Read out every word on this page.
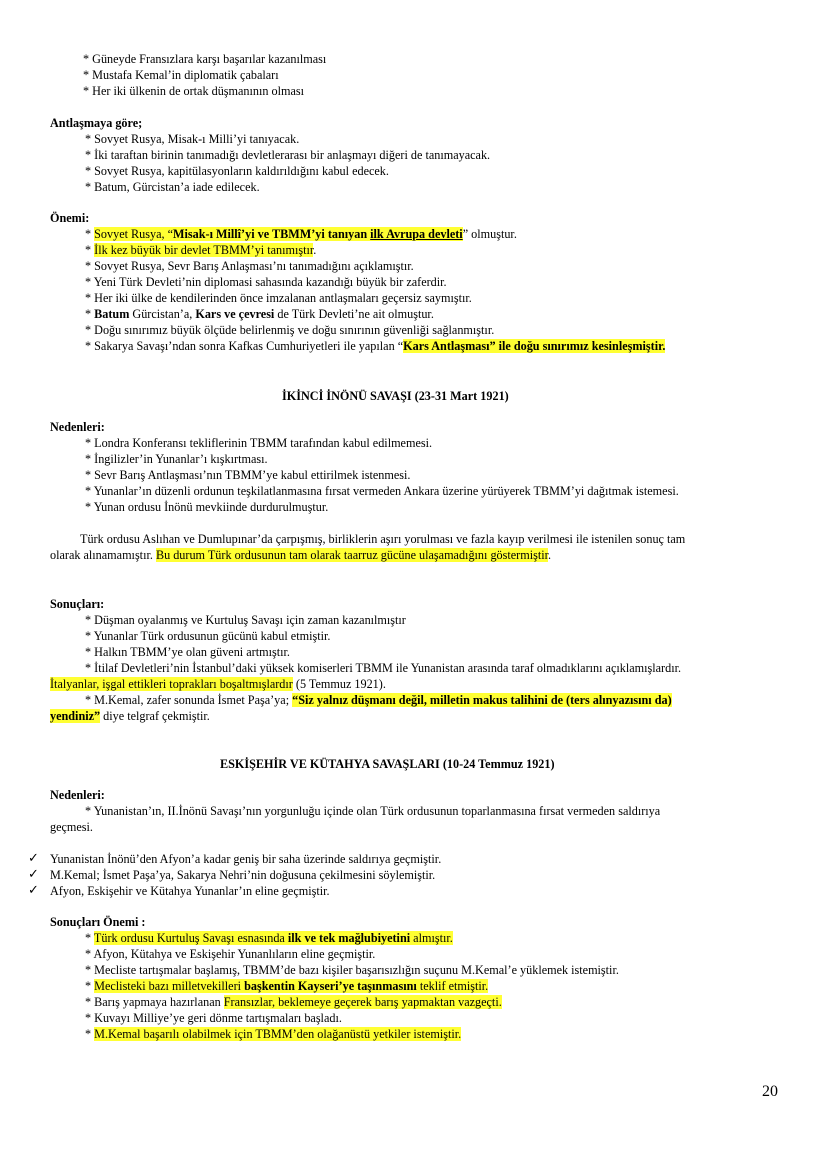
* Güneyde Fransızlara karşı başarılar kazanılması
* Mustafa Kemal’in diplomatik çabaları
* Her iki ülkenin de ortak düşmanının olması
Antlaşmaya göre;
* Sovyet Rusya, Misak-ı Milli’yi tanıyacak.
* İki taraftan birinin tanımadığı devletlerarası bir anlaşmayı diğeri de tanımayacak.
* Sovyet Rusya, kapitülasyonların kaldırıldığını kabul edecek.
* Batum, Gürcistan’a iade edilecek.
Önemi:
* Sovyet Rusya, “Misak-ı Millî’yi ve TBMM’yi tanıyan ilk Avrupa devleti” olmuştur.
* İlk kez büyük bir devlet TBMM’yi tanımıştır.
* Sovyet Rusya, Sevr Barış Anlaşması’nı tanımadığını açıklamıştır.
* Yeni Türk Devleti’nin diplomasi sahasında kazandığı büyük bir zaferdir.
* Her iki ülke de kendilerinden önce imzalanan antlaşmaları geçersiz saymıştır.
* Batum Gürcistan’a, Kars ve çevresi de Türk Devleti’ne ait olmuştur.
* Doğu sınırımız büyük ölçüde belirlenmiş ve doğu sınırının güvenliği sağlanmıştır.
* Sakarya Savaşı’ndan sonra Kafkas Cumhuriyetleri ile yapılan “Kars Antlaşması” ile doğu sınırımız kesinleşmiştir.
İKİNCİ İNÖNÜ SAVAŞI (23-31 Mart 1921)
Nedenleri:
* Londra Konferansı tekliflerinin TBMM tarafından kabul edilmemesi.
* İngilizler’in Yunanlar’ı kışkırtması.
* Sevr Barış Antlaşması’nın TBMM’ye kabul ettirilmek istenmesi.
* Yunanlar’ın düzenli ordunun teşkilatlanmasına fırsat vermeden Ankara üzerine yürüyerek TBMM’yi dağıtmak istemesi.
* Yunan ordusu İnönü mevkiinde durdurulmuştur.
Türk ordusu Aslıhan ve Dumlupınar’da çarpışmış, birliklerin aşırı yorulması ve fazla kayıp verilmesi ile istenilen sonuç tam
olarak alınamamıştır. Bu durum Türk ordusunun tam olarak taarruz gücüne ulaşamadığını göstermiştir.
Sonuçları:
* Düşman oyalanmış ve Kurtuluş Savaşı için zaman kazanılmıştır
* Yunanlar Türk ordusunun gücünü kabul etmiştir.
* Halkın TBMM’ye olan güveni artmıştır.
* İtilaf Devletleri’nin İstanbul’daki yüksek komiserleri TBMM ile Yunanistan arasında taraf olmadıklarını açıklamışlardır.
İtalyanlar, işgal ettikleri toprakları boşaltmışlardır (5 Temmuz 1921).
* M.Kemal, zafer sonunda İsmet Paşa’ya; “Siz yalnız düşmanı değil, milletin makus talihini de (ters alınyazısını da)
yendiniz” diye telgraf çekmiştir.
ESKİŞEHİR VE KÜTAHYA SAVAŞLARI (10-24 Temmuz 1921)
Nedenleri:
* Yunanistan’ın, II.İnönü Savaşı’nın yorgunluğu içinde olan Türk ordusunun toparlanmasına fırsat vermeden saldırıya
geçmesi.
✓ Yunanistan İnönü’den Afyon’a kadar geniş bir saha üzerinde saldırıya geçmiştir.
✓ M.Kemal; İsmet Paşa’ya, Sakarya Nehri’nin doğusuna çekilmesini söylemiştir.
✓ Afyon, Eskişehir ve Kütahya Yunanlar’ın eline geçmiştir.
Sonuçları Önemi :
* Türk ordusu Kurtuluş Savaşı esnasında ilk ve tek mağlubiyetini almıştır.
* Afyon, Kütahya ve Eskişehir Yunanlıların eline geçmiştir.
* Mecliste tartışmalar başlamış, TBMM’de bazı kişiler başarısızlığın suçunu M.Kemal’e yüklemek istemiştir.
* Meclisteki bazı milletvekilleri başkentin Kayseri’ye taşınmasını teklif etmiştir.
* Barış yapmaya hazırlanan Fransızlar, beklemeye geçerek barış yapmaktan vazgeçti.
* Kuvayı Milliye’ye geri dönme tartışmaları başladı.
* M.Kemal başarılı olabilmek için TBMM’den olağanüstü yetkiler istemiştir.
20
